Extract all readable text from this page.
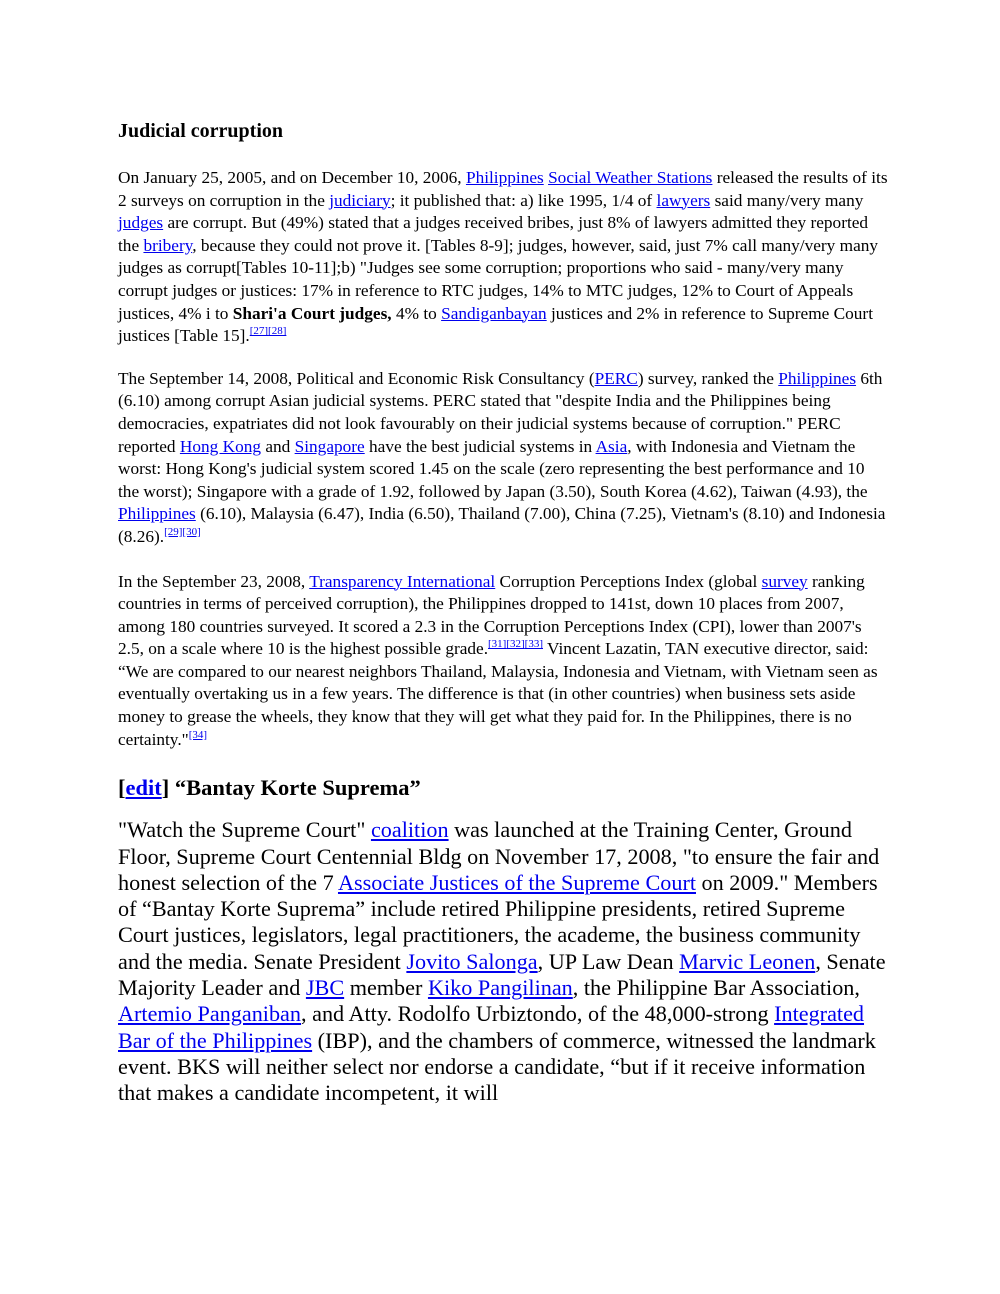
Judicial corruption

On January 25, 2005, and on December 10, 2006, Philippines Social Weather Stations released the results of its 2 surveys on corruption in the judiciary; it published that: a) like 1995, 1/4 of lawyers said many/very many judges are corrupt. But (49%) stated that a judges received bribes, just 8% of lawyers admitted they reported the bribery, because they could not prove it. [Tables 8-9]; judges, however, said, just 7% call many/very many judges as corrupt[Tables 10-11];b) "Judges see some corruption; proportions who said - many/very many corrupt judges or justices: 17% in reference to RTC judges, 14% to MTC judges, 12% to Court of Appeals justices, 4% i to Shari'a Court judges, 4% to Sandiganbayan justices and 2% in reference to Supreme Court justices [Table 15].[27][28]

The September 14, 2008, Political and Economic Risk Consultancy (PERC) survey, ranked the Philippines 6th (6.10) among corrupt Asian judicial systems. PERC stated that "despite India and the Philippines being democracies, expatriates did not look favourably on their judicial systems because of corruption." PERC reported Hong Kong and Singapore have the best judicial systems in Asia, with Indonesia and Vietnam the worst: Hong Kong's judicial system scored 1.45 on the scale (zero representing the best performance and 10 the worst); Singapore with a grade of 1.92, followed by Japan (3.50), South Korea (4.62), Taiwan (4.93), the Philippines (6.10), Malaysia (6.47), India (6.50), Thailand (7.00), China (7.25), Vietnam's (8.10) and Indonesia (8.26).[29][30]

In the September 23, 2008, Transparency International Corruption Perceptions Index (global survey ranking countries in terms of perceived corruption), the Philippines dropped to 141st, down 10 places from 2007, among 180 countries surveyed. It scored a 2.3 in the Corruption Perceptions Index (CPI), lower than 2007's 2.5, on a scale where 10 is the highest possible grade.[31][32][33] Vincent Lazatin, TAN executive director, said: “We are compared to our nearest neighbors Thailand, Malaysia, Indonesia and Vietnam, with Vietnam seen as eventually overtaking us in a few years. The difference is that (in other countries) when business sets aside money to grease the wheels, they know that they will get what they paid for. In the Philippines, there is no certainty."[34]

[edit] “Bantay Korte Suprema”

"Watch the Supreme Court" coalition was launched at the Training Center, Ground Floor, Supreme Court Centennial Bldg on November 17, 2008, "to ensure the fair and honest selection of the 7 Associate Justices of the Supreme Court on 2009." Members of “Bantay Korte Suprema” include retired Philippine presidents, retired Supreme Court justices, legislators, legal practitioners, the academe, the business community and the media. Senate President Jovito Salonga, UP Law Dean Marvic Leonen, Senate Majority Leader and JBC member Kiko Pangilinan, the Philippine Bar Association, Artemio Panganiban, and Atty. Rodolfo Urbiztondo, of the 48,000-strong Integrated Bar of the Philippines (IBP), and the chambers of commerce, witnessed the landmark event. BKS will neither select nor endorse a candidate, “but if it receive information that makes a candidate incompetent, it will
